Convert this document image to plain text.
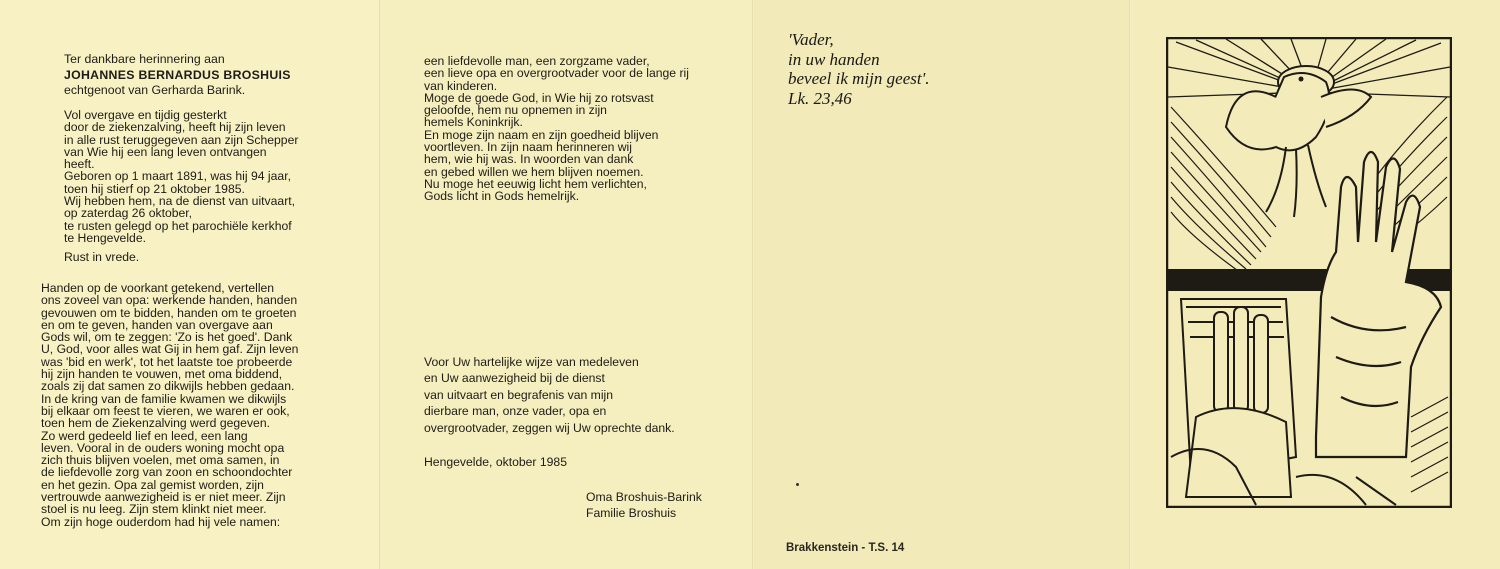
Ter dankbare herinnering aan
JOHANNES BERNARDUS BROSHUIS
echtgenoot van Gerharda Barink.
Vol overgave en tijdig gesterkt
door de ziekenzalving, heeft hij zijn leven
in alle rust teruggegeven aan zijn Schepper
van Wie hij een lang leven ontvangen
heeft.
Geboren op 1 maart 1891, was hij 94 jaar,
toen hij stierf op 21 oktober 1985.
Wij hebben hem, na de dienst van uitvaart,
op zaterdag 26 oktober,
te rusten gelegd op het parochiële kerkhof
te Hengevelde.
Rust in vrede.
Handen op de voorkant getekend, vertellen
ons zoveel van opa: werkende handen, handen
gevouwen om te bidden, handen om te groeten
en om te geven, handen van overgave aan
Gods wil, om te zeggen: 'Zo is het goed'. Dank
U, God, voor alles wat Gij in hem gaf. Zijn leven
was 'bid en werk', tot het laatste toe probeerde
hij zijn handen te vouwen, met oma biddend,
zoals zij dat samen zo dikwijls hebben gedaan.
In de kring van de familie kwamen we dikwijls
bij elkaar om feest te vieren, we waren er ook,
toen hem de Ziekenzalving werd gegeven.
Zo werd gedeeld lief en leed, een lang
leven. Vooral in de ouders woning mocht opa
zich thuis blijven voelen, met oma samen, in
de liefdevolle zorg van zoon en schoondochter
en het gezin. Opa zal gemist worden, zijn
vertrouwde aanwezigheid is er niet meer. Zijn
stoel is nu leeg. Zijn stem klinkt niet meer.
Om zijn hoge ouderdom had hij vele namen:
een liefdevolle man, een zorgzame vader,
een lieve opa en overgrootvader voor de lange rij
van kinderen.
Moge de goede God, in Wie hij zo rotsvast
geloofde, hem nu opnemen in zijn
hemels Koninkrijk.
En moge zijn naam en zijn goedheid blijven
voortleven. In zijn naam herinneren wij
hem, wie hij was. In woorden van dank
en gebed willen we hem blijven noemen.
Nu moge het eeuwig licht hem verlichten,
Gods licht in Gods hemelrijk.
Voor Uw hartelijke wijze van medeleven
en Uw aanwezigheid bij de dienst
van uitvaart en begrafenis van mijn
dierbare man, onze vader, opa en
overgrootvader, zeggen wij Uw oprechte dank.
Hengevelde, oktober 1985
Oma Broshuis-Barink
Familie Broshuis
'Vader,
in uw handen
beveel ik mijn geest'.
Lk. 23,46
Brakkenstein - T.S. 14
